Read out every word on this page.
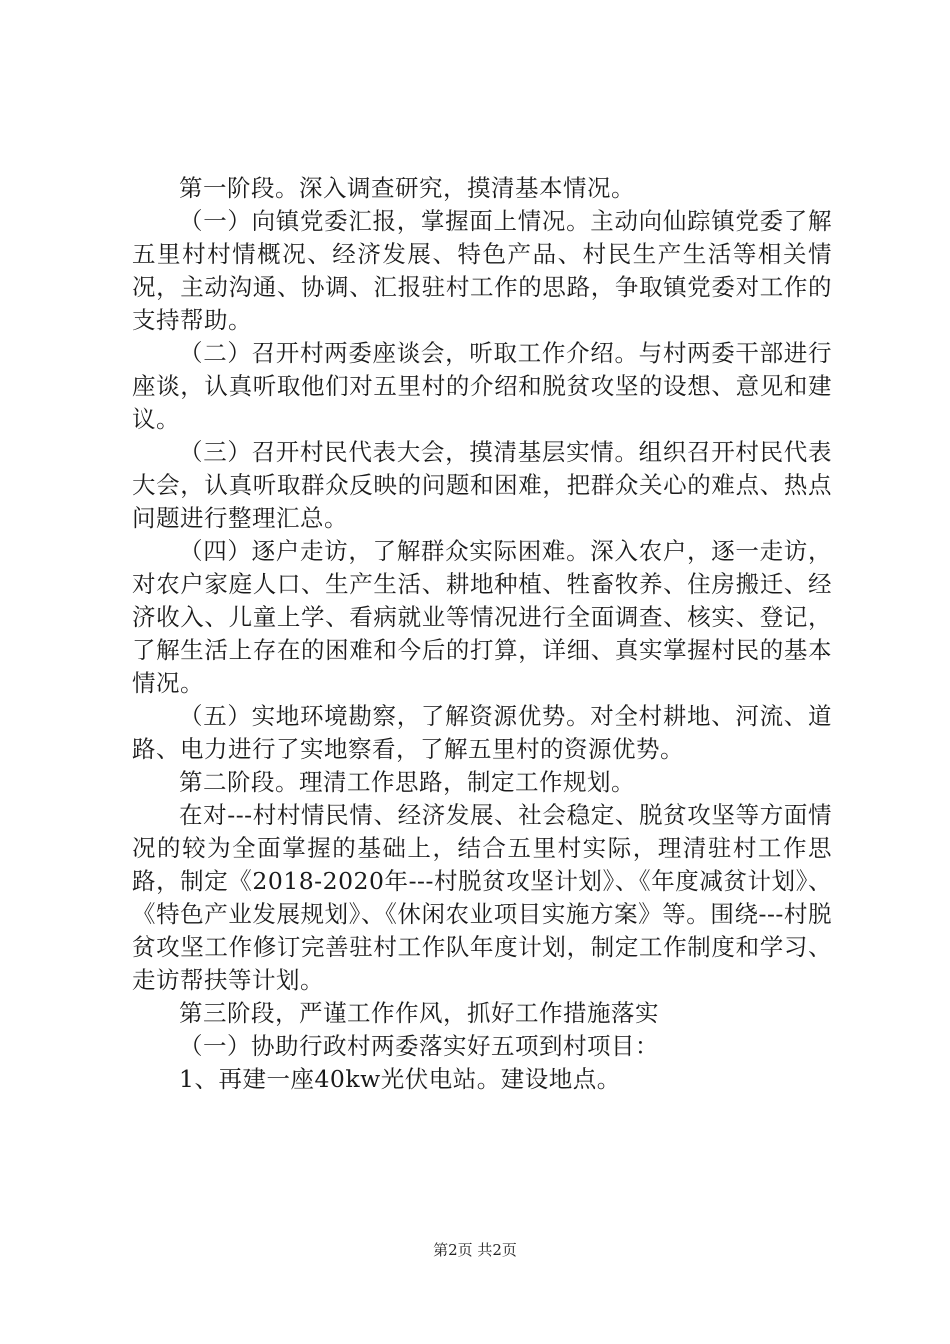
第一阶段。深入调查研究，摸清基本情况。

（一）向镇党委汇报，掌握面上情况。主动向仙踪镇党委了解五里村村情概况、经济发展、特色产品、村民生产生活等相关情况，主动沟通、协调、汇报驻村工作的思路，争取镇党委对工作的支持帮助。

（二）召开村两委座谈会，听取工作介绍。与村两委干部进行座谈，认真听取他们对五里村的介绍和脱贫攻坚的设想、意见和建议。

（三）召开村民代表大会，摸清基层实情。组织召开村民代表大会，认真听取群众反映的问题和困难，把群众关心的难点、热点问题进行整理汇总。

（四）逐户走访，了解群众实际困难。深入农户，逐一走访，对农户家庭人口、生产生活、耕地种植、牲畜牧养、住房搬迁、经济收入、儿童上学、看病就业等情况进行全面调查、核实、登记，了解生活上存在的困难和今后的打算，详细、真实掌握村民的基本情况。

（五）实地环境勘察，了解资源优势。对全村耕地、河流、道路、电力进行了实地察看，了解五里村的资源优势。

第二阶段。理清工作思路，制定工作规划。

在对---村村情民情、经济发展、社会稳定、脱贫攻坚等方面情况的较为全面掌握的基础上，结合五里村实际，理清驻村工作思路，制定《2018-2020年---村脱贫攻坚计划》、《年度减贫计划》、《特色产业发展规划》、《休闲农业项目实施方案》等。围绕---村脱贫攻坚工作修订完善驻村工作队年度计划，制定工作制度和学习、走访帮扶等计划。

第三阶段，严谨工作作风，抓好工作措施落实

（一）协助行政村两委落实好五项到村项目：

1、再建一座40kw光伏电站。建设地点。

第2页 共2页
